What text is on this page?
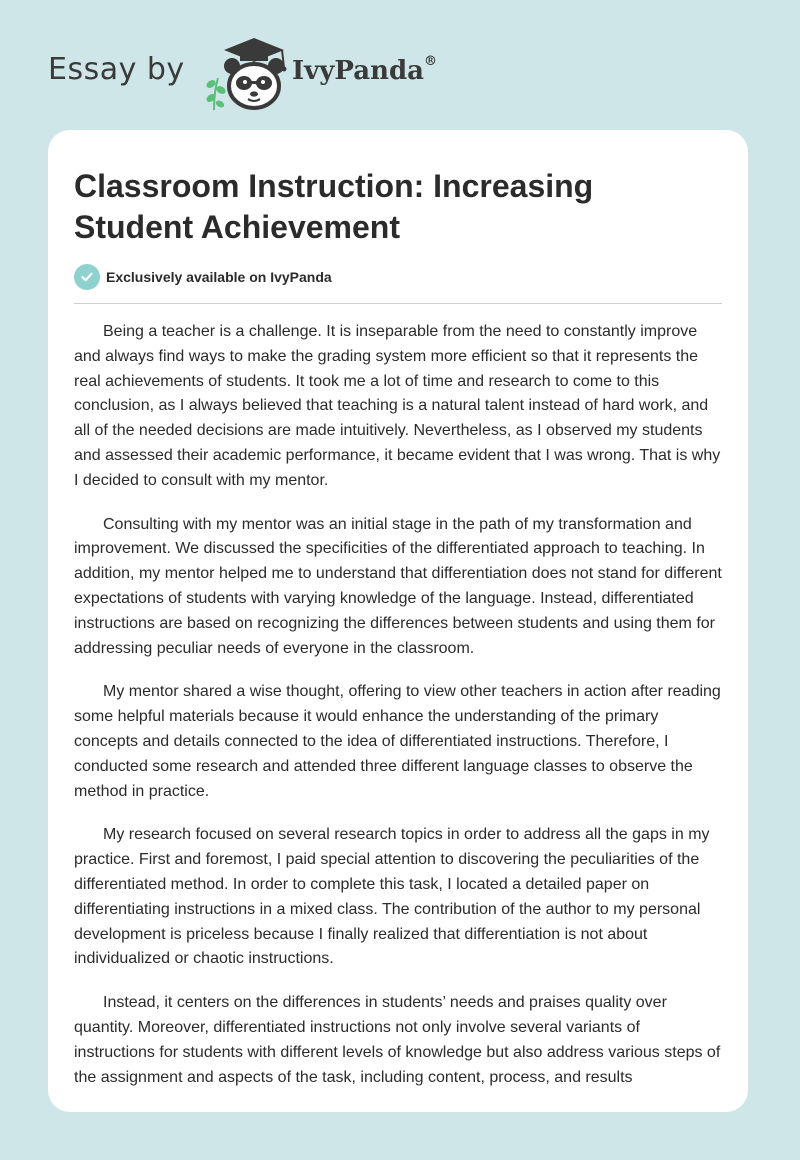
Essay by	IvyPanda®
Classroom Instruction: Increasing Student Achievement
Exclusively available on IvyPanda

Being a teacher is a challenge. It is inseparable from the need to constantly improve and always find ways to make the grading system more efficient so that it represents the real achievements of students. It took me a lot of time and research to come to this conclusion, as I always believed that teaching is a natural talent instead of hard work, and all of the needed decisions are made intuitively. Nevertheless, as I observed my students and assessed their academic performance, it became evident that I was wrong. That is why I decided to consult with my mentor.

Consulting with my mentor was an initial stage in the path of my transformation and improvement. We discussed the specificities of the differentiated approach to teaching. In addition, my mentor helped me to understand that differentiation does not stand for different expectations of students with varying knowledge of the language. Instead, differentiated instructions are based on recognizing the differences between students and using them for addressing peculiar needs of everyone in the classroom.

My mentor shared a wise thought, offering to view other teachers in action after reading some helpful materials because it would enhance the understanding of the primary concepts and details connected to the idea of differentiated instructions. Therefore, I conducted some research and attended three different language classes to observe the method in practice.

My research focused on several research topics in order to address all the gaps in my practice. First and foremost, I paid special attention to discovering the peculiarities of the differentiated method. In order to complete this task, I located a detailed paper on differentiating instructions in a mixed class. The contribution of the author to my personal development is priceless because I finally realized that differentiation is not about individualized or chaotic instructions.

Instead, it centers on the differences in students’ needs and praises quality over quantity. Moreover, differentiated instructions not only involve several variants of instructions for students with different levels of knowledge but also address various steps of the assignment and aspects of the task, including content, process, and results
